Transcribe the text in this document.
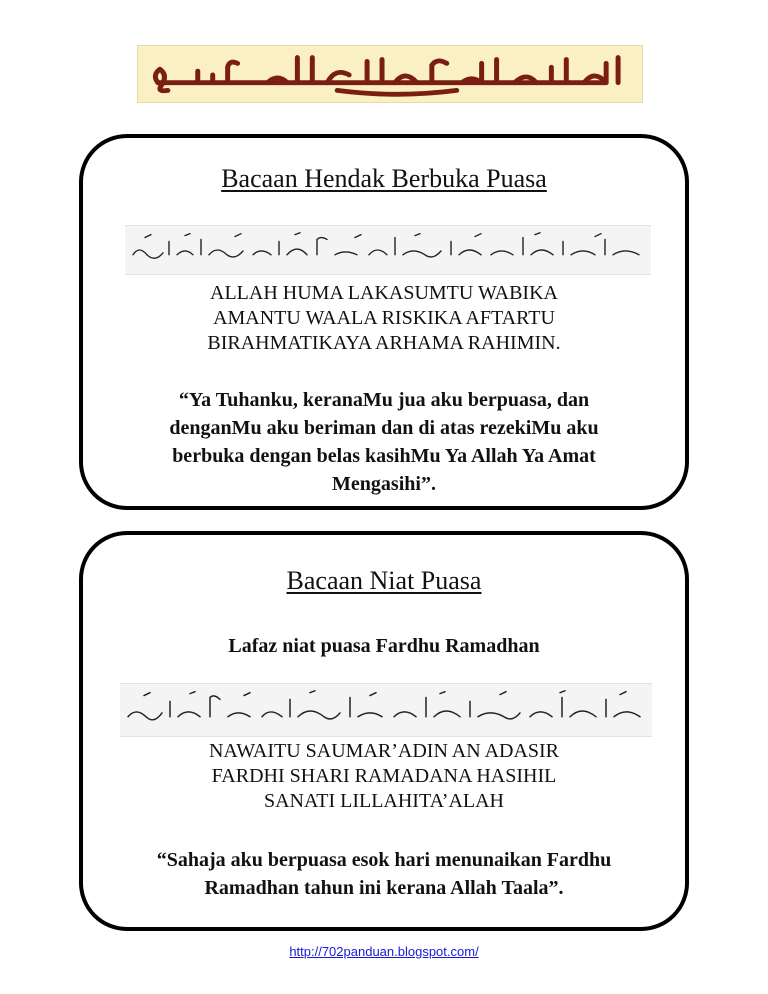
Bacaan Hendak Berbuka Puasa
ALLAH HUMA LAKASUMTU WABIKA
AMANTU WAALA RISKIKA AFTARTU
BIRAHMATIKAYA ARHAMA RAHIMIN.
“Ya Tuhanku, keranaMu jua aku berpuasa, dan
denganMu aku beriman dan di atas rezekiMu aku
berbuka dengan belas kasihMu Ya Allah Ya Amat
Mengasihi”.
Bacaan Niat Puasa
Lafaz niat puasa Fardhu Ramadhan
NAWAITU SAUMAR’ADIN AN ADASIR
FARDHI SHARI RAMADANA HASIHIL
SANATI LILLAHITA’ALAH
“Sahaja aku berpuasa esok hari menunaikan Fardhu
Ramadhan tahun ini kerana Allah Taala”.
http://702panduan.blogspot.com/
